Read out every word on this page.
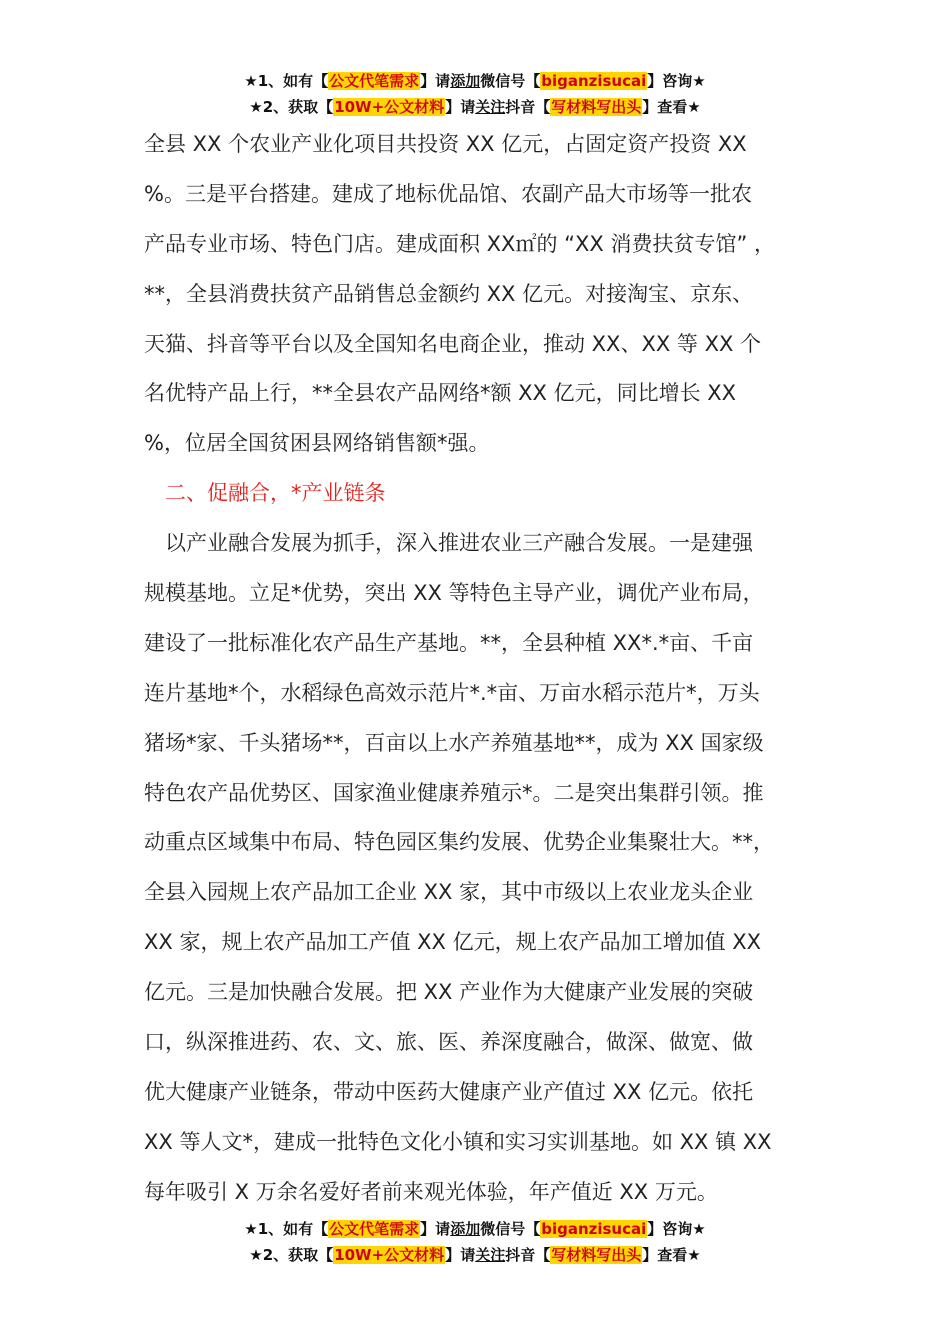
★1、如有【公文代笔需求】请添加微信号【biganzisucai】咨询★
★2、获取【10W+公文材料】请关注抖音【写材料写出头】查看★
全县 XX 个农业产业化项目共投资 XX 亿元，占固定资产投资 XX
%。三是平台搭建。建成了地标优品馆、农副产品大市场等一批农
产品专业市场、特色门店。建成面积 XX㎡的 “XX 消费扶贫专馆” ，
**，全县消费扶贫产品销售总金额约 XX 亿元。对接淘宝、京东、
天猫、抖音等平台以及全国知名电商企业，推动 XX、XX 等 XX 个
名优特产品上行，**全县农产品网络*额 XX 亿元，同比增长 XX
%，位居全国贫困县网络销售额*强。
　二、促融合，*产业链条
　以产业融合发展为抓手，深入推进农业三产融合发展。一是建强
规模基地。立足*优势，突出 XX 等特色主导产业，调优产业布局，
建设了一批标准化农产品生产基地。**，全县种植 XX*.*亩、千亩
连片基地*个，水稻绿色高效示范片*.*亩、万亩水稻示范片*，万头
猪场*家、千头猪场**，百亩以上水产养殖基地**，成为 XX 国家级
特色农产品优势区、国家渔业健康养殖示*。二是突出集群引领。推
动重点区域集中布局、特色园区集约发展、优势企业集聚壮大。**，
全县入园规上农产品加工企业 XX 家，其中市级以上农业龙头企业
XX 家，规上农产品加工产值 XX 亿元，规上农产品加工增加值 XX
亿元。三是加快融合发展。把 XX 产业作为大健康产业发展的突破
口，纵深推进药、农、文、旅、医、养深度融合，做深、做宽、做
优大健康产业链条，带动中医药大健康产业产值过 XX 亿元。依托
XX 等人文*，建成一批特色文化小镇和实习实训基地。如 XX 镇 XX
每年吸引 X 万余名爱好者前来观光体验，年产值近 XX 万元。
★1、如有【公文代笔需求】请添加微信号【biganzisucai】咨询★
★2、获取【10W+公文材料】请关注抖音【写材料写出头】查看★
